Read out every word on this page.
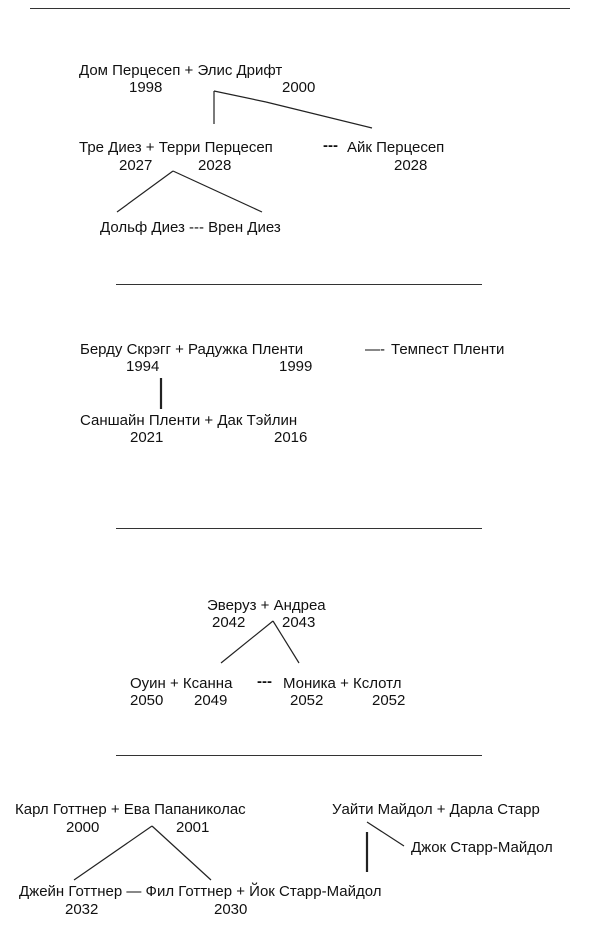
Дом Перцесеп + Элис Дрифт
1998	2000
Тре Диез + Терри Перцесеп	--- Айк Перцесеп
2027	2028	2028
Дольф Диез --- Врен Диез
Берду Скрэгг + Радужка Пленти	—- Темпест Пленти
1994	1999
Саншайн Пленти + Дак Тэйлин
2021	2016
Эверуз + Андреа
2042 2043
Оуин + Ксанна --- Моника + Кслотл
2050 2049	2052	2052
Карл Готтнер + Ева Папаниколас
2000	2001
Уайти Майдол + Дарла Старр
Джок Старр-Майдол
Джейн Готтнер — Фил Готтнер + Йок Старр-Майдол
2032	2030
